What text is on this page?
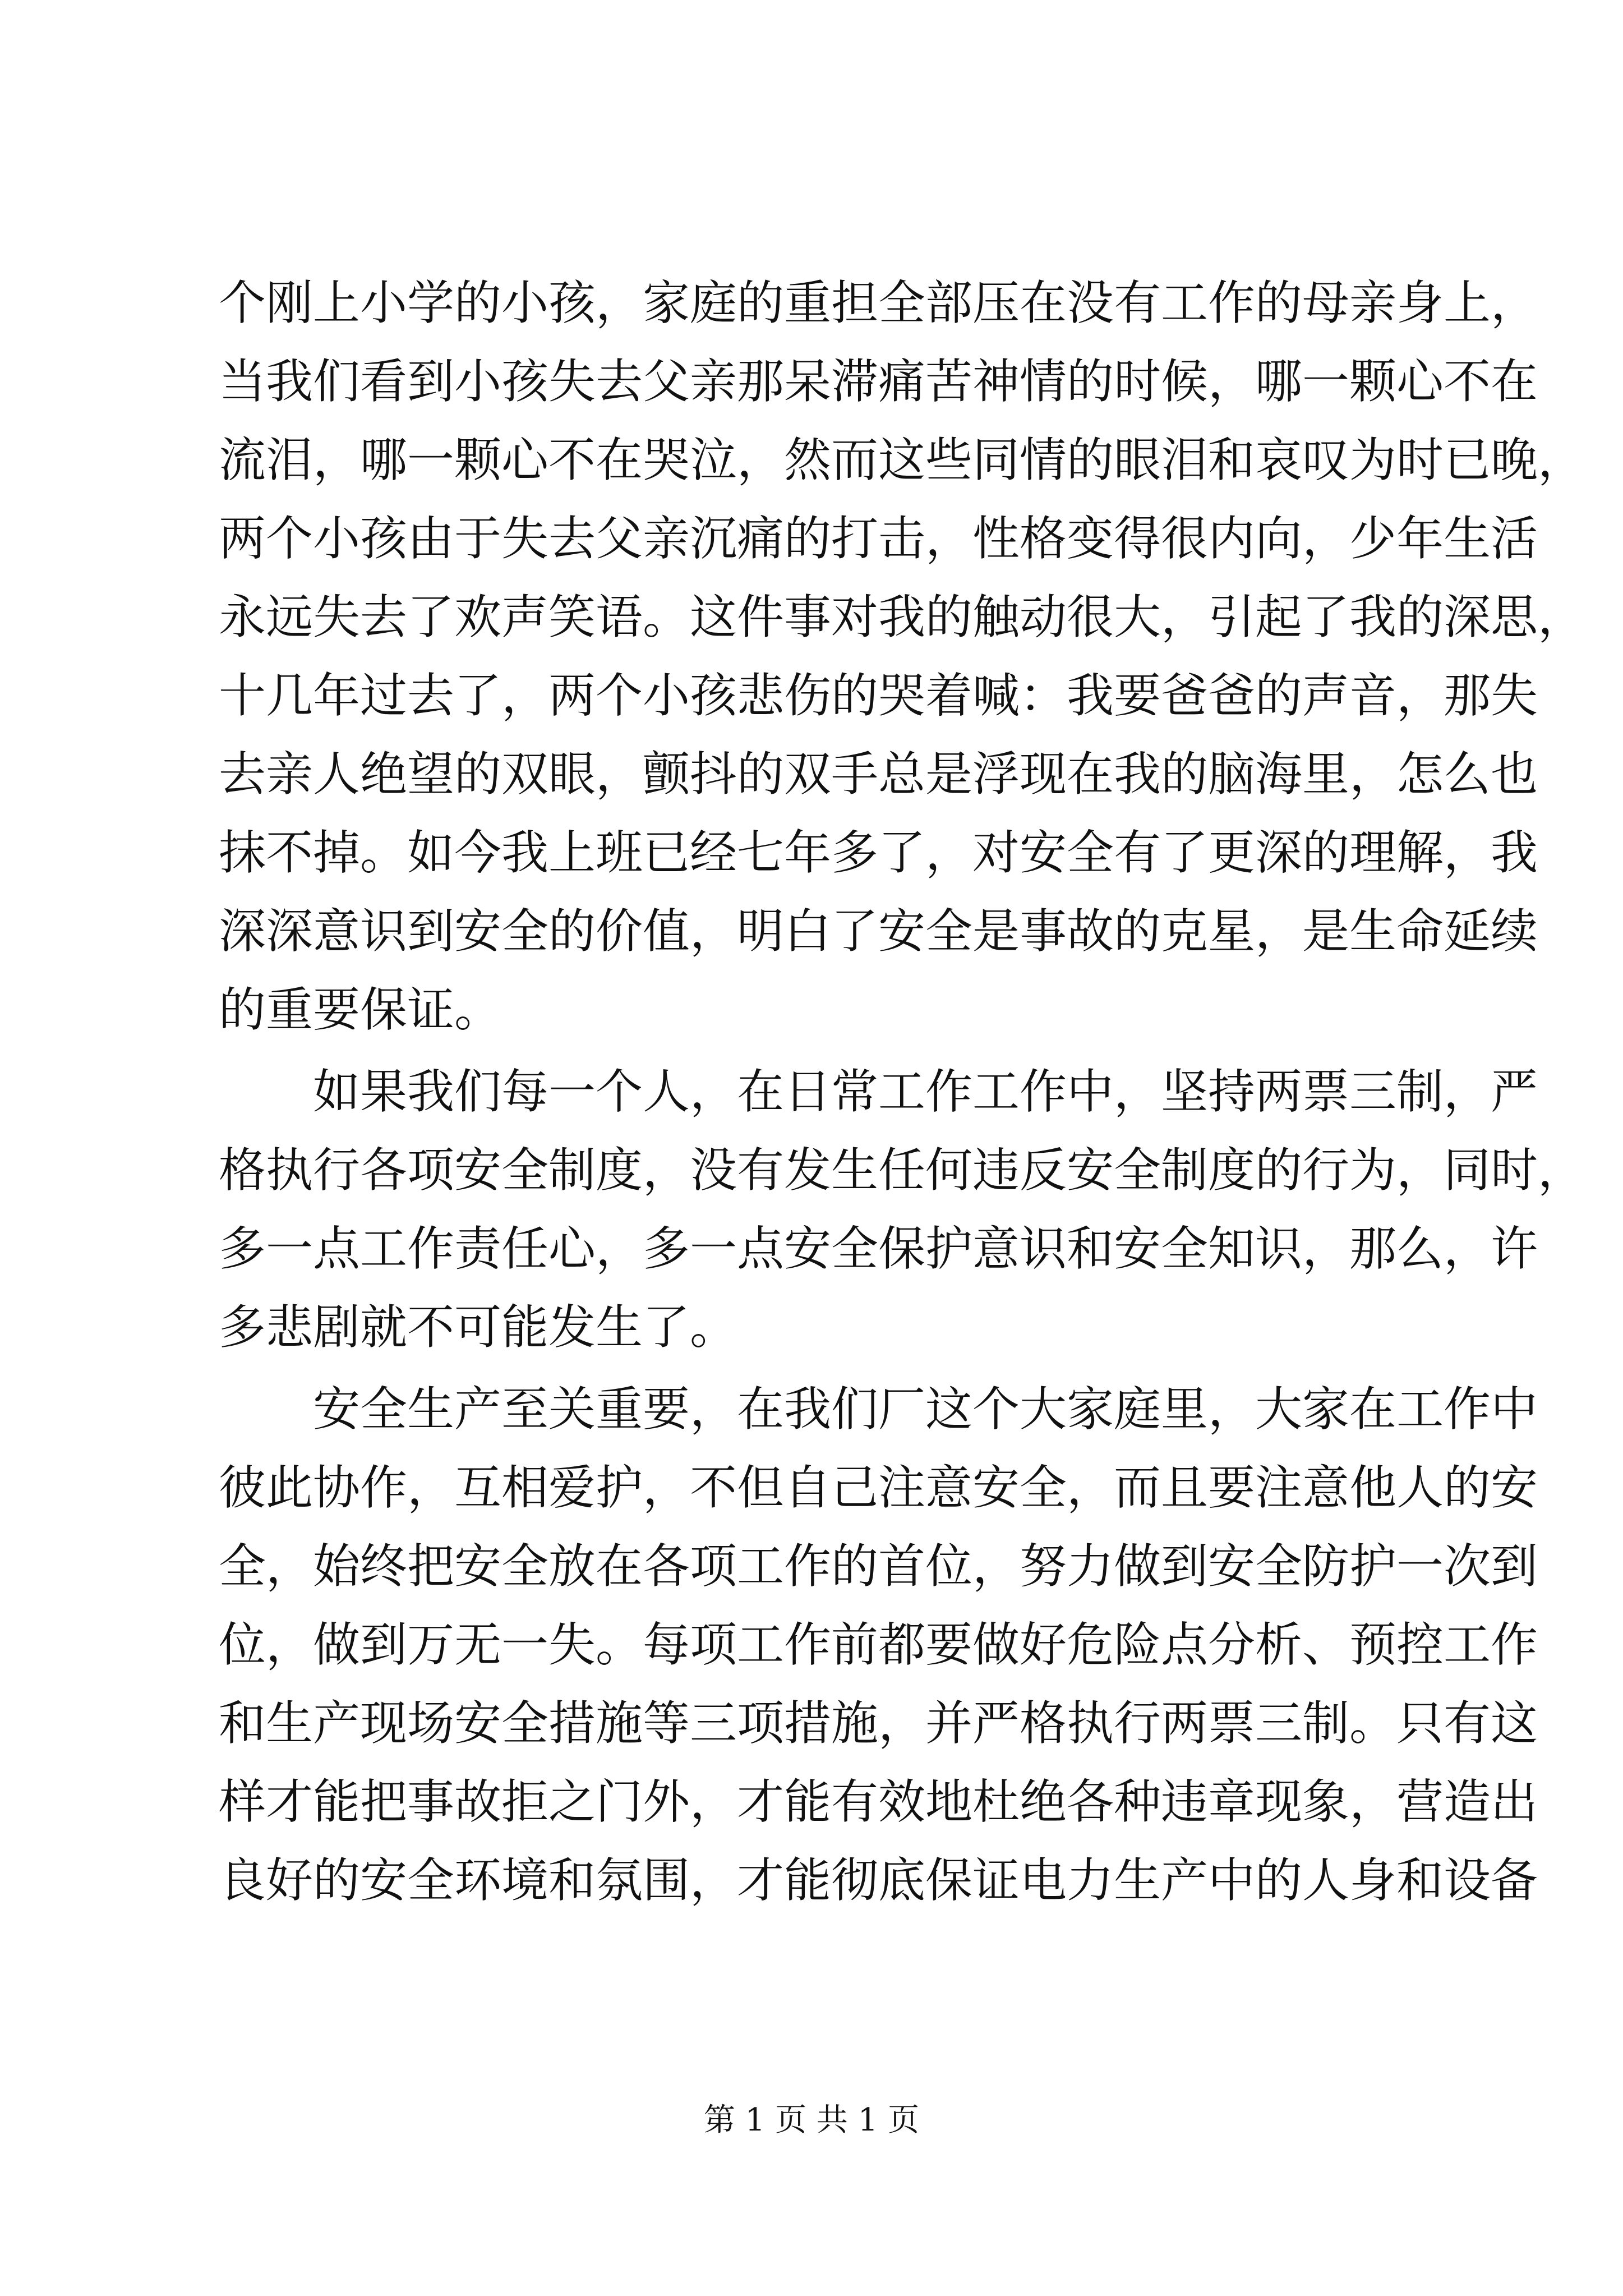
个刚上小学的小孩，家庭的重担全部压在没有工作的母亲身上，
当我们看到小孩失去父亲那呆滞痛苦神情的时候，哪一颗心不在
流泪，哪一颗心不在哭泣，然而这些同情的眼泪和哀叹为时已晚，
两个小孩由于失去父亲沉痛的打击，性格变得很内向，少年生活
永远失去了欢声笑语。这件事对我的触动很大，引起了我的深思，
十几年过去了，两个小孩悲伤的哭着喊：我要爸爸的声音，那失
去亲人绝望的双眼，颤抖的双手总是浮现在我的脑海里，怎么也
抹不掉。如今我上班已经七年多了，对安全有了更深的理解，我
深深意识到安全的价值，明白了安全是事故的克星，是生命延续
的重要保证。
如果我们每一个人，在日常工作工作中，坚持两票三制，严
格执行各项安全制度，没有发生任何违反安全制度的行为，同时，
多一点工作责任心，多一点安全保护意识和安全知识，那么，许
多悲剧就不可能发生了。
安全生产至关重要，在我们厂这个大家庭里，大家在工作中
彼此协作，互相爱护，不但自己注意安全，而且要注意他人的安
全，始终把安全放在各项工作的首位，努力做到安全防护一次到
位，做到万无一失。每项工作前都要做好危险点分析、预控工作
和生产现场安全措施等三项措施，并严格执行两票三制。只有这
样才能把事故拒之门外，才能有效地杜绝各种违章现象，营造出
良好的安全环境和氛围，才能彻底保证电力生产中的人身和设备
第 1 页 共 1 页
